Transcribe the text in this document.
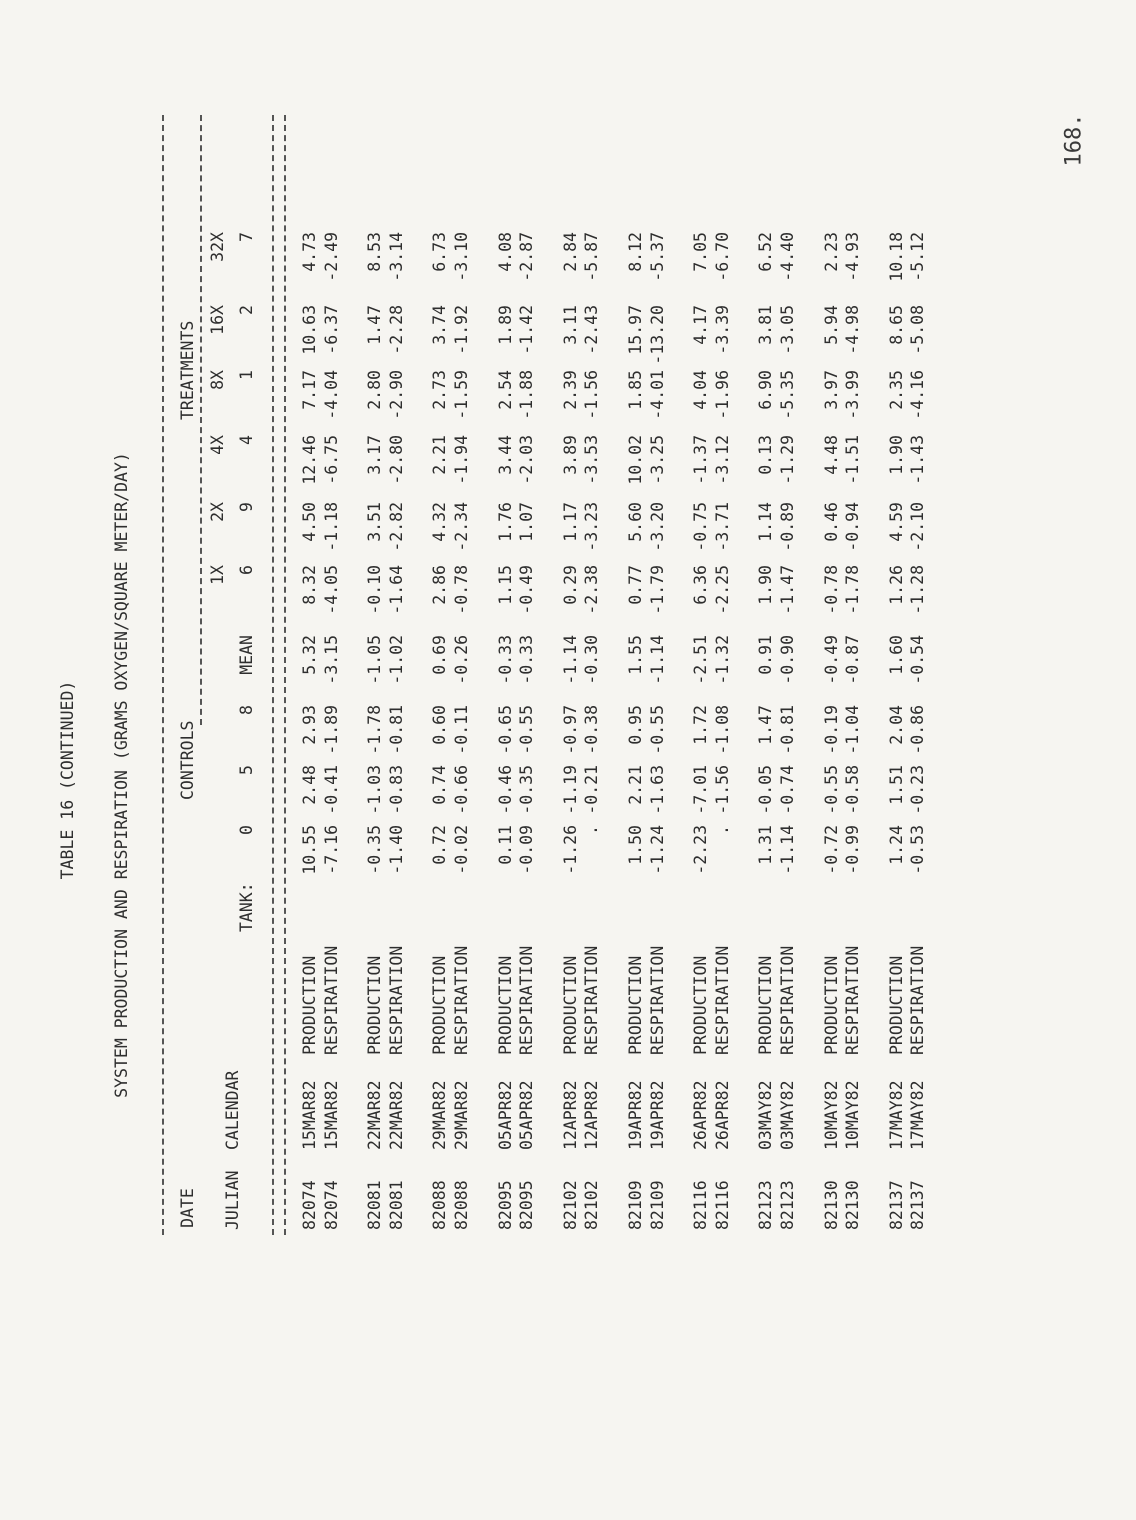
168.
TABLE 16 (CONTINUED) SYSTEM PRODUCTION AND RESPIRATION (GRAMS OXYGEN/SQUARE METER/DAY)
DATE
CONTROLS
TREATMENTS
JULIAN
CALENDAR
TANK:
0
5
8
MEAN
1X 6
2X 9
4X 4
8X 1
16X 2
32X 7
82074
15MAR82
PRODUCTION
10.55
2.48
2.93
5.32
8.32
4.50
12.46
7.17
10.63
4.73
82074
15MAR82
RESPIRATION
-7.16
-0.41
-1.89
-3.15
-4.05
-1.18
-6.75
-4.04
-6.37
-2.49
82081
22MAR82
PRODUCTION
-0.35
-1.03
-1.78
-1.05
-0.10
3.51
3.17
2.80
1.47
8.53
82081
22MAR82
RESPIRATION
-1.40
-0.83
-0.81
-1.02
-1.64
-2.82
-2.80
-2.90
-2.28
-3.14
82088
29MAR82
PRODUCTION
0.72
0.74
0.60
0.69
2.86
4.32
2.21
2.73
3.74
6.73
82088
29MAR82
RESPIRATION
-0.02
-0.66
-0.11
-0.26
-0.78
-2.34
-1.94
-1.59
-1.92
-3.10
82095
05APR82
PRODUCTION
0.11
-0.46
-0.65
-0.33
1.15
1.76
3.44
2.54
1.89
4.08
82095
05APR82
RESPIRATION
-0.09
-0.35
-0.55
-0.33
-0.49
1.07
-2.03
-1.88
-1.42
-2.87
82102
12APR82
PRODUCTION
-1.26
-1.19
-0.97
-1.14
0.29
1.17
3.89
2.39
3.11
2.84
82102
12APR82
RESPIRATION
.
-0.21
-0.38
-0.30
-2.38
-3.23
-3.53
-1.56
-2.43
-5.87
82109
19APR82
PRODUCTION
1.50
2.21
0.95
1.55
0.77
5.60
10.02
1.85
15.97
8.12
82109
19APR82
RESPIRATION
-1.24
-1.63
-0.55
-1.14
-1.79
-3.20
-3.25
-4.01
-13.20
-5.37
82116
26APR82
PRODUCTION
-2.23
-7.01
1.72
-2.51
6.36
-0.75
-1.37
4.04
4.17
7.05
82116
26APR82
RESPIRATION
.
-1.56
-1.08
-1.32
-2.25
-3.71
-3.12
-1.96
-3.39
-6.70
82123
03MAY82
PRODUCTION
1.31
-0.05
1.47
0.91
1.90
1.14
0.13
6.90
3.81
6.52
82123
03MAY82
RESPIRATION
-1.14
-0.74
-0.81
-0.90
-1.47
-0.89
-1.29
-5.35
-3.05
-4.40
82130
10MAY82
PRODUCTION
-0.72
-0.55
-0.19
-0.49
-0.78
0.46
4.48
3.97
5.94
2.23
82130
10MAY82
RESPIRATION
-0.99
-0.58
-1.04
-0.87
-1.78
-0.94
-1.51
-3.99
-4.98
-4.93
82137
17MAY82
PRODUCTION
1.24
1.51
2.04
1.60
1.26
4.59
1.90
2.35
8.65
10.18
82137
17MAY82
RESPIRATION
-0.53
-0.23
-0.86
-0.54
-1.28
-2.10
-1.43
-4.16
-5.08
-5.12
